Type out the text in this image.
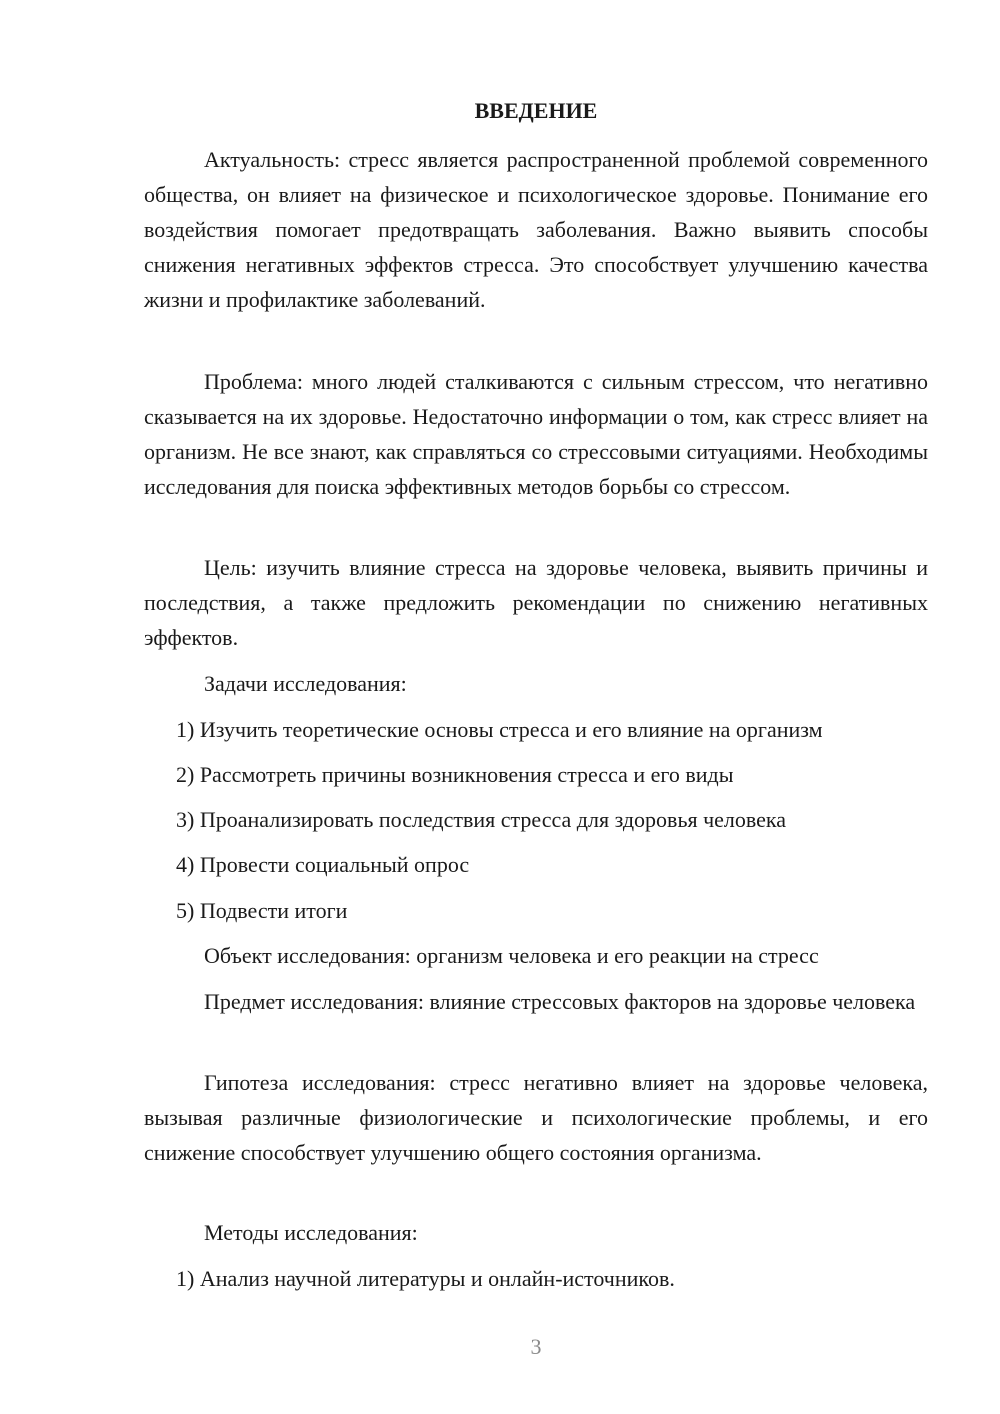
ВВЕДЕНИЕ

Актуальность: стресс является распространенной проблемой современного общества, он влияет на физическое и психологическое здоровье. Понимание его воздействия помогает предотвращать заболевания. Важно выявить способы снижения негативных эффектов стресса. Это способствует улучшению качества жизни и профилактике заболеваний.

Проблема: много людей сталкиваются с сильным стрессом, что негативно сказывается на их здоровье. Недостаточно информации о том, как стресс влияет на организм. Не все знают, как справляться со стрессовыми ситуациями. Необходимы исследования для поиска эффективных методов борьбы со стрессом.

Цель: изучить влияние стресса на здоровье человека, выявить причины и последствия, а также предложить рекомендации по снижению негативных эффектов.

Задачи исследования:

1) Изучить теоретические основы стресса и его влияние на организм

2) Рассмотреть причины возникновения стресса и его виды

3) Проанализировать последствия стресса для здоровья человека

4) Провести социальный опрос

5) Подвести итоги

Объект исследования: организм человека и его реакции на стресс

Предмет исследования: влияние стрессовых факторов на здоровье человека

Гипотеза исследования: стресс негативно влияет на здоровье человека, вызывая различные физиологические и психологические проблемы, и его снижение способствует улучшению общего состояния организма.

Методы исследования:

1) Анализ научной литературы и онлайн-источников.

3
